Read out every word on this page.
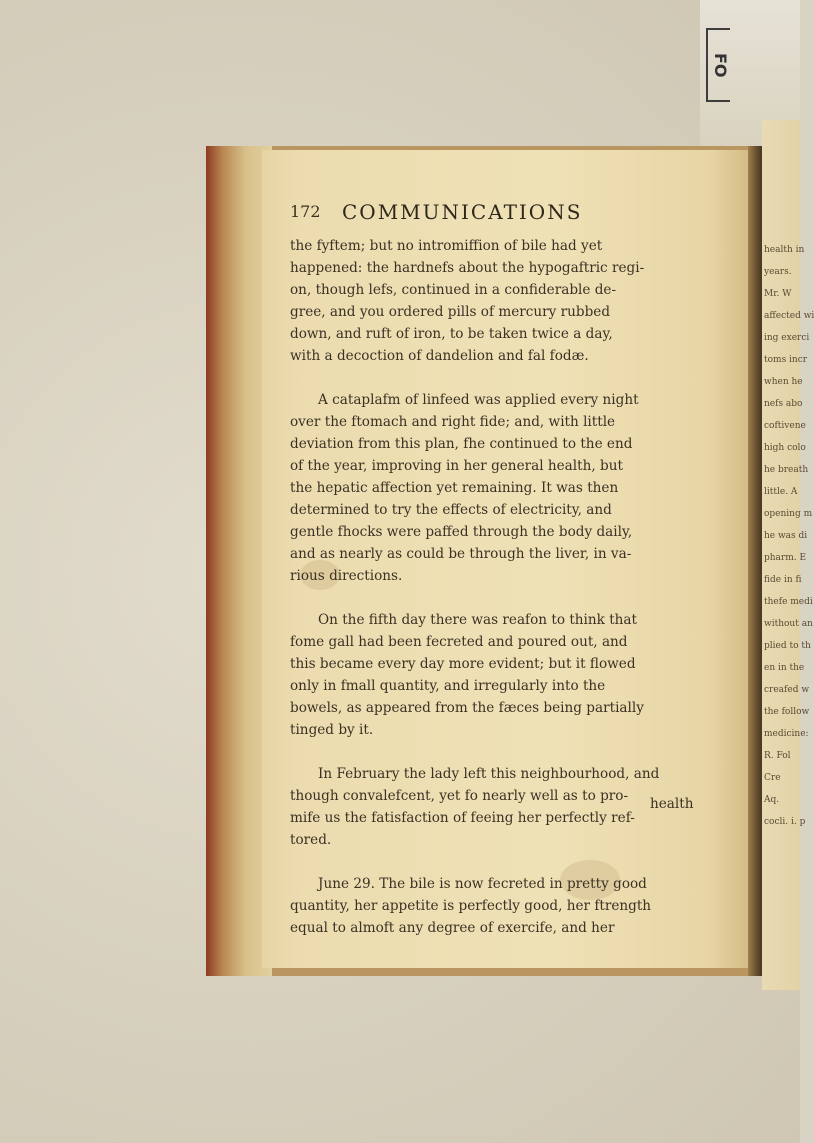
FO
health in
years.
Mr. W
affected wi
ing exerci
toms incr
when he
nefs abo
coftivene
high colo
he breath
little. A
opening m
he was di
pharm. E
fide in fi
thefe medi
without an
plied to th
en in the
creafed w
the follow
medicine:
R. Fol
Cre
Aq.
cocli. i. p
172 COMMUNICATIONS

the fyftem; but no intromiffion of bile had yet
happened: the hardnefs about the hypogaftric regi-
on, though lefs, continued in a confiderable de-
gree, and you ordered pills of mercury rubbed
down, and ruft of iron, to be taken twice a day,
with a decoction of dandelion and fal fodæ.

A cataplafm of linfeed was applied every night
over the ftomach and right fide; and, with little
deviation from this plan, fhe continued to the end
of the year, improving in her general health, but
the hepatic affection yet remaining. It was then
determined to try the effects of electricity, and
gentle fhocks were paffed through the body daily,
and as nearly as could be through the liver, in va-
rious directions.

On the fifth day there was reafon to think that
fome gall had been fecreted and poured out, and
this became every day more evident; but it flowed
only in fmall quantity, and irregularly into the
bowels, as appeared from the fæces being partially
tinged by it.

In February the lady left this neighbourhood, and
though convalefcent, yet fo nearly well as to pro-
mife us the fatisfaction of feeing her perfectly ref-
tored.

June 29. The bile is now fecreted in pretty good
quantity, her appetite is perfectly good, her ftrength
equal to almoft any degree of exercife, and her

health
